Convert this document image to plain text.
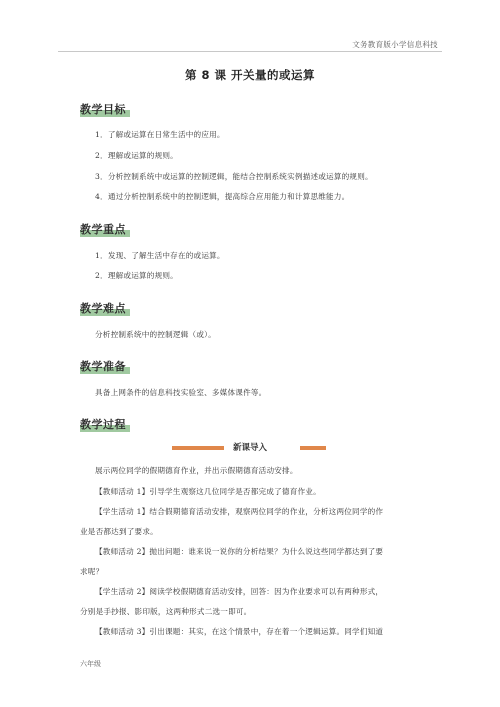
文务教育版小学信息科技
第 8 课 开关量的或运算
教学目标
1．了解或运算在日常生活中的应用。
2．理解或运算的规则。
3．分析控制系统中或运算的控制逻辑，能结合控制系统实例描述或运算的规则。
4．通过分析控制系统中的控制逻辑，提高综合应用能力和计算思维能力。
教学重点
1．发现、了解生活中存在的或运算。
2．理解或运算的规则。
教学难点
分析控制系统中的控制逻辑（或）。
教学准备
具备上网条件的信息科技实验室、多媒体课件等。
教学过程
新课导入
展示两位同学的假期德育作业，并出示假期德育活动安排。
【教师活动 1】引导学生观察这几位同学是否都完成了德育作业。
【学生活动 1】结合假期德育活动安排，观察两位同学的作业，分析这两位同学的作
业是否都达到了要求。
【教师活动 2】抛出问题：谁来说一说你的分析结果？为什么说这些同学都达到了要
求呢？
【学生活动 2】阅读学校假期德育活动安排，回答：因为作业要求可以有两种形式，
分别是手抄报、影印版，这两种形式二选一即可。
【教师活动 3】引出课题：其实，在这个情景中，存在着一个逻辑运算。同学们知道
六年级
